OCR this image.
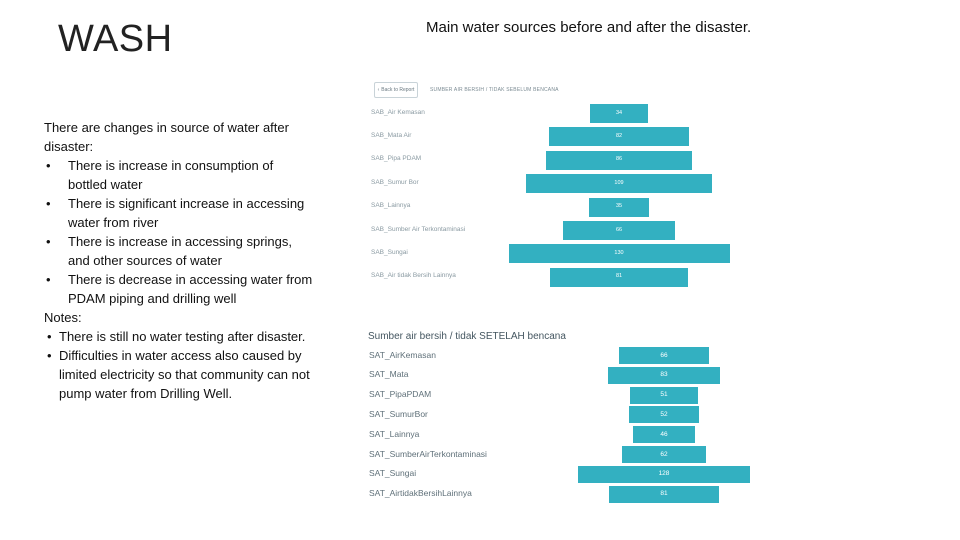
WASH	Main water sources before and after the disaster.

There are changes in source of water after disaster:

• There is increase in consumption of bottled water
• There is significant increase in accessing water from river
• There is increase in accessing springs, and other sources of water
• There is decrease in accessing water from PDAM piping and drilling well

Notes:

• There is still no water testing after disaster.
• Difficulties in water access also caused by limited electricity so that community can not pump water from Drilling Well.
‹ Back to Report	SUMBER AIR BERSIH / TIDAK SEBELUM BENCANA
Sumber air bersih / tidak SETELAH bencana
SAB_Air Kemasan	34
SAB_Mata Air	82
SAB_Pipa PDAM	86
SAB_Sumur Bor	109
SAB_Lainnya	35
SAB_Sumber Air Terkontaminasi	66
SAB_Sungai	130
SAB_Air tidak Bersih Lainnya	81
SAT_AirKemasan	66
SAT_Mata	83
SAT_PipaPDAM	51
SAT_SumurBor	52
SAT_Lainnya	46
SAT_SumberAirTerkontaminasi	62
SAT_Sungai	128
SAT_AirtidakBersihLainnya	81
